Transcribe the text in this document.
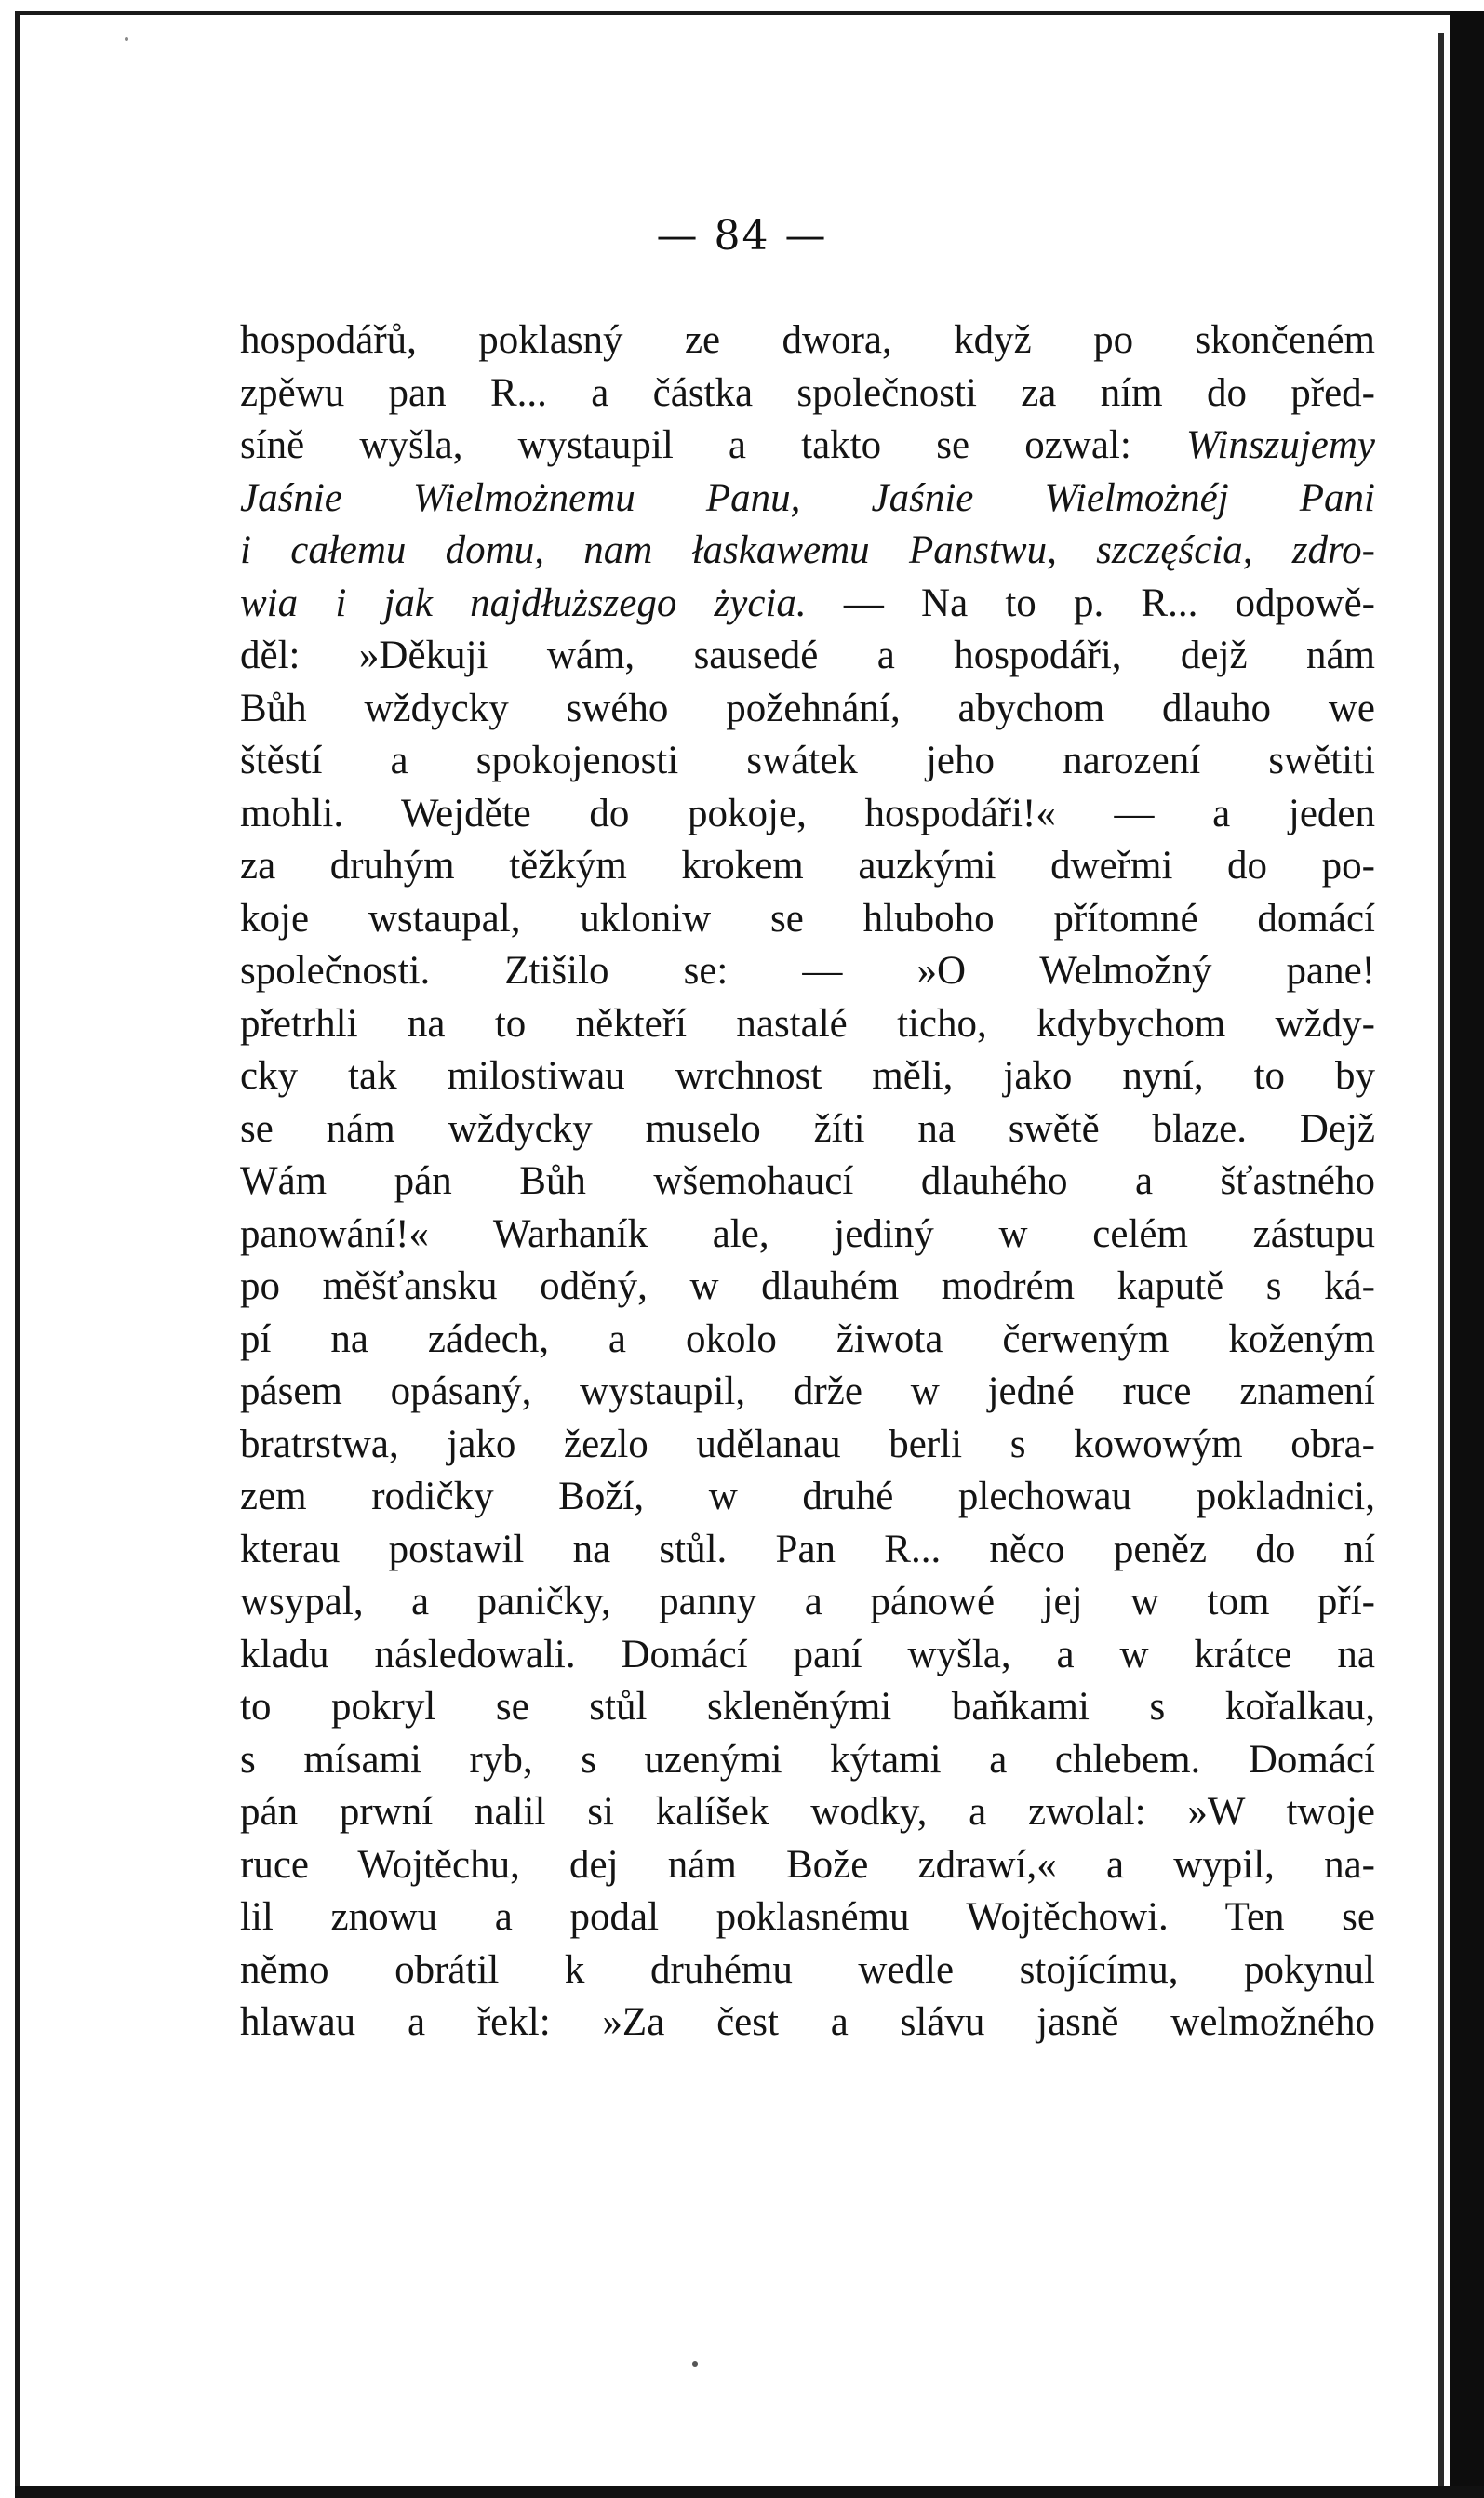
— 84 —
hospodářů, poklasný ze dwora, když po skončeném
zpěwu pan R... a částka společnosti za ním do před-
síně wyšla, wystaupil a takto se ozwal: Winszujemy
Jaśnie Wielmożnemu Panu, Jaśnie Wielmożnéj Pani
i całemu domu, nam łaskawemu Panstwu, szczęścia, zdro-
wia i jak najdłuższego życia. — Na to p. R... odpowě-
děl: »Děkuji wám, sausedé a hospodáři, dejž nám
Bůh wždycky swého požehnání, abychom dlauho we
štěstí a spokojenosti swátek jeho narození swětiti
mohli. Wejděte do pokoje, hospodáři!« — a jeden
za druhým těžkým krokem auzkými dweřmi do po-
koje wstaupal, ukloniw se hluboho přítomné domácí
společnosti. Ztišilo se: — »O Welmožný pane!
přetrhli na to někteří nastalé ticho, kdybychom wždy-
cky tak milostiwau wrchnost měli, jako nyní, to by
se nám wždycky muselo žíti na swětě blaze. Dejž
Wám pán Bůh wšemohaucí dlauhého a šťastného
panowání!« Warhaník ale, jediný w celém zástupu
po měšťansku oděný, w dlauhém modrém kaputě s ká-
pí na zádech, a okolo žiwota čerweným koženým
pásem opásaný, wystaupil, drže w jedné ruce znamení
bratrstwa, jako žezlo udělanau berli s kowowým obra-
zem rodičky Boží, w druhé plechowau pokladnici,
kterau postawil na stůl. Pan R... něco peněz do ní
wsypal, a paničky, panny a pánowé jej w tom pří-
kladu následowali. Domácí paní wyšla, a w krátce na
to pokryl se stůl skleněnými baňkami s kořalkau,
s mísami ryb, s uzenými kýtami a chlebem. Domácí
pán prwní nalil si kalíšek wodky, a zwolal: »W twoje
ruce Wojtěchu, dej nám Bože zdrawí,« a wypil, na-
lil znowu a podal poklasnému Wojtěchowi. Ten se
němo obrátil k druhému wedle stojícímu, pokynul
hlawau a řekl: »Za čest a slávu jasně welmožného
